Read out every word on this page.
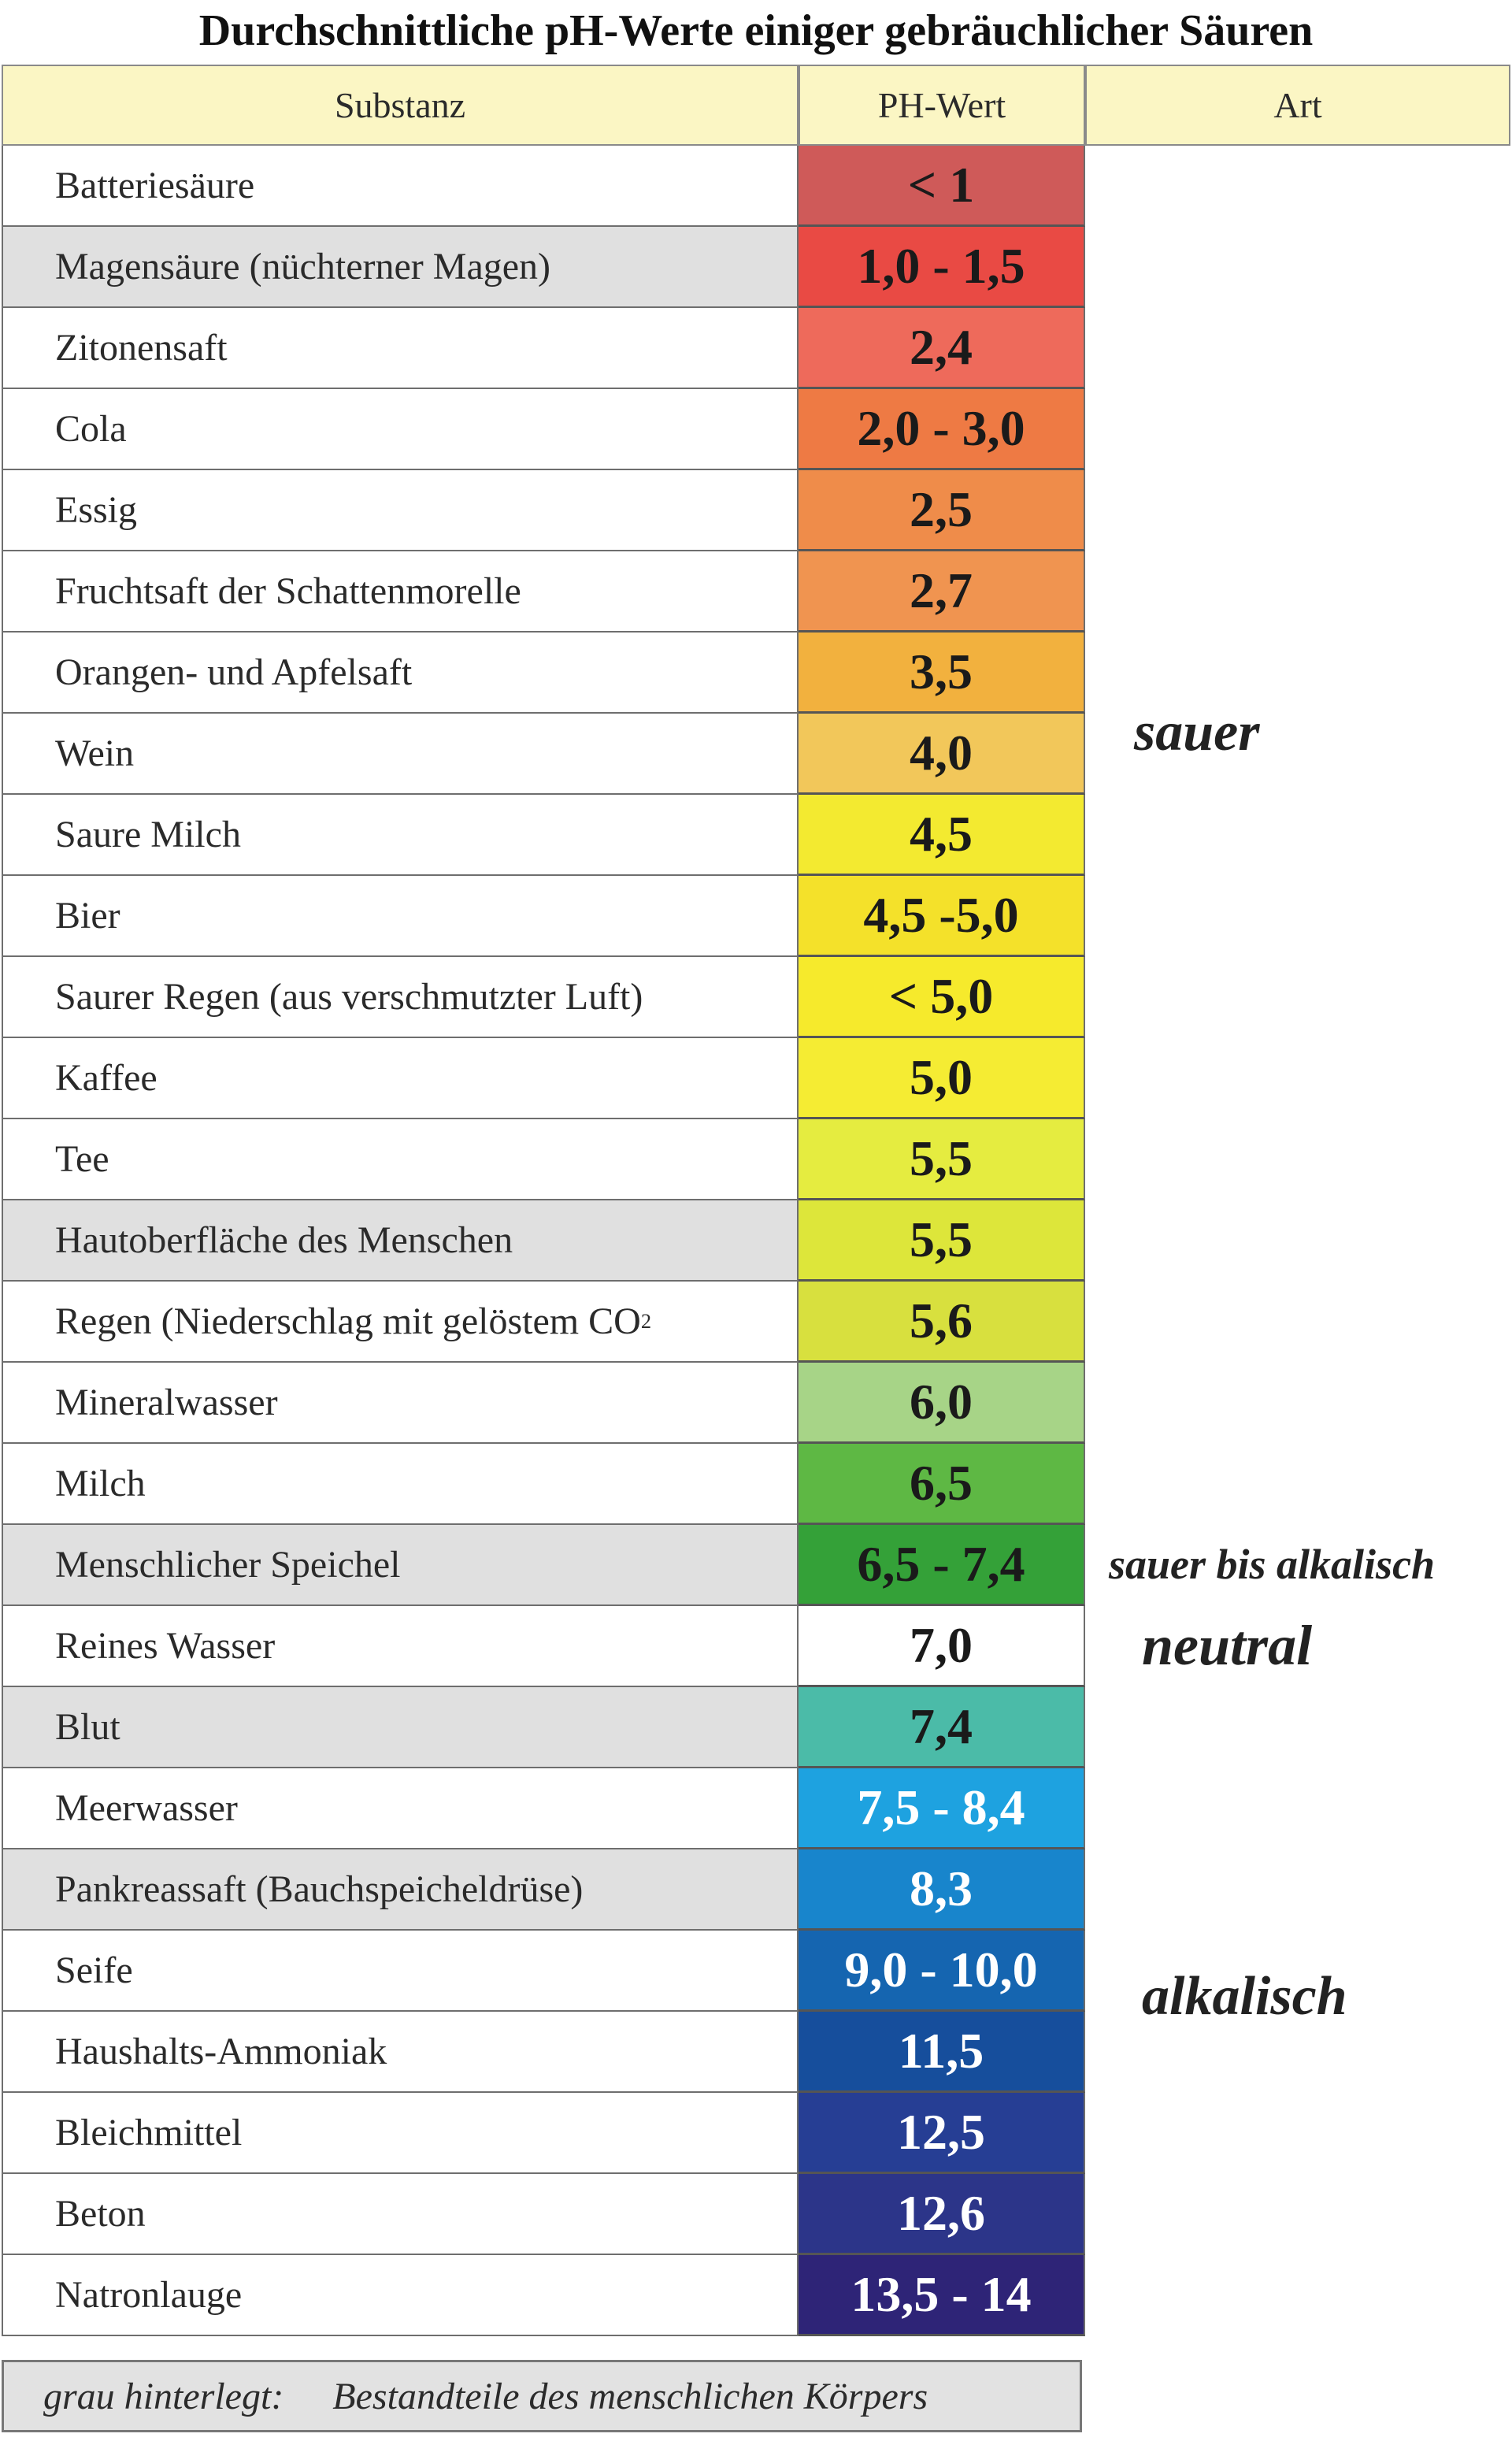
Durchschnittliche pH-Werte einiger gebräuchlicher Säuren
Substanz	PH-Wert	Art
Batteriesäure	< 1
Magensäure (nüchterner Magen)	1,0 - 1,5
Zitonensaft	2,4
Cola	2,0 - 3,0
Essig	2,5
Fruchtsaft der Schattenmorelle	2,7
Orangen- und Apfelsaft	3,5
Wein	4,0
Saure Milch	4,5
Bier	4,5 -5,0
Saurer Regen (aus verschmutzter Luft)	< 5,0
Kaffee	5,0
Tee	5,5
Hautoberfläche des Menschen	5,5
Regen (Niederschlag mit gelöstem CO 2	5,6
Mineralwasser	6,0
Milch	6,5
Menschlicher Speichel	6,5 - 7,4
Reines Wasser	7,0
Blut	7,4
Meerwasser	7,5 - 8,4
Pankreassaft (Bauchspeicheldrüse)	8,3
Seife	9,0 - 10,0
Haushalts-Ammoniak	11,5
Bleichmittel	12,5
Beton	12,6
Natronlauge	13,5 - 14
sauer
sauer bis alkalisch
neutral
alkalisch
grau hinterlegt: Bestandteile des menschlichen Körpers
